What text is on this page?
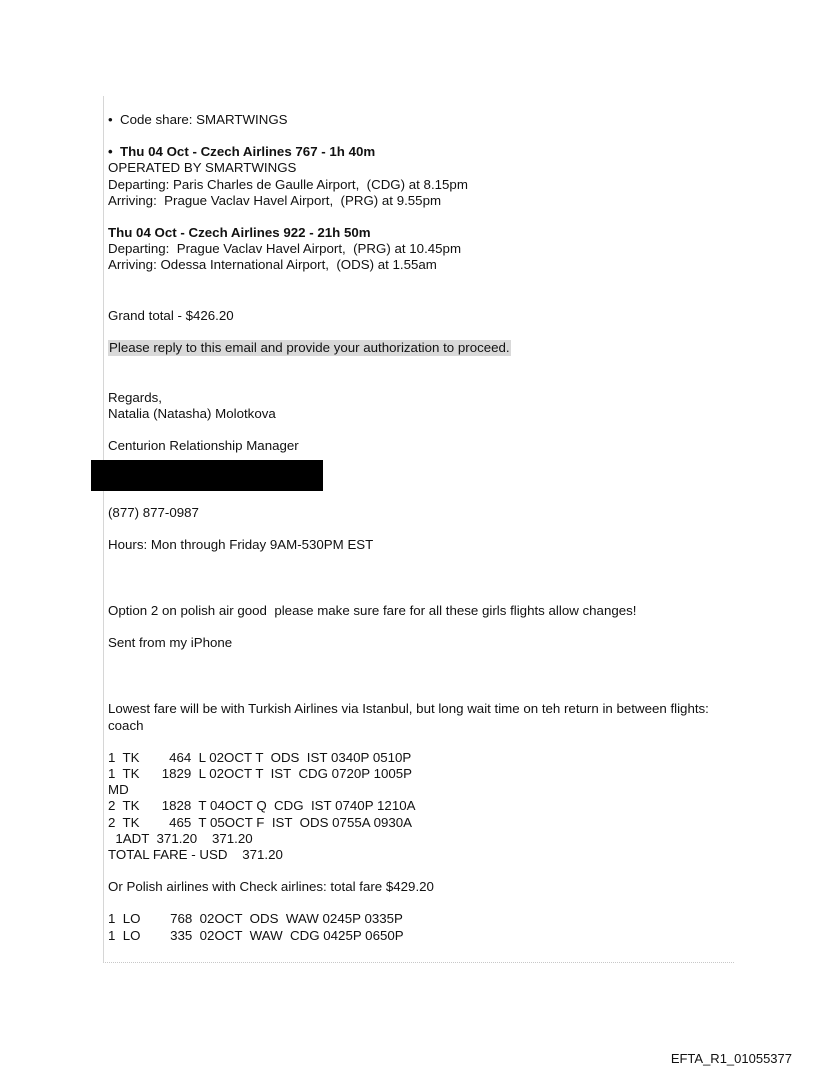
•  Code share: SMARTWINGS
•  Thu 04 Oct - Czech Airlines 767 - 1h 40m
OPERATED BY SMARTWINGS
Departing: Paris Charles de Gaulle Airport,  (CDG) at 8.15pm
Arriving:  Prague Vaclav Havel Airport,  (PRG) at 9.55pm
Thu 04 Oct - Czech Airlines 922 - 21h 50m
Departing:  Prague Vaclav Havel Airport,  (PRG) at 10.45pm
Arriving: Odessa International Airport,  (ODS) at 1.55am
Grand total - $426.20
Please reply to this email and provide your authorization to proceed.
Regards,
Natalia (Natasha) Molotkova
Centurion Relationship Manager
(877) 877-0987
Hours: Mon through Friday 9AM-530PM EST
Option 2 on polish air good  please make sure fare for all these girls flights allow changes!
Sent from my iPhone
Lowest fare will be with Turkish Airlines via Istanbul, but long wait time on teh return in between flights: coach
1  TK        464  L 02OCT T  ODS  IST 0340P 0510P
1  TK      1829  L 02OCT T  IST  CDG 0720P 1005P
MD
2  TK      1828  T 04OCT Q  CDG  IST 0740P 1210A
2  TK        465  T 05OCT F  IST  ODS 0755A 0930A
1ADT  371.20    371.20
TOTAL FARE - USD    371.20
Or Polish airlines with Check airlines: total fare $429.20
1  LO        768  02OCT  ODS  WAW 0245P 0335P
1  LO        335  02OCT  WAW  CDG 0425P 0650P
EFTA_R1_01055377
